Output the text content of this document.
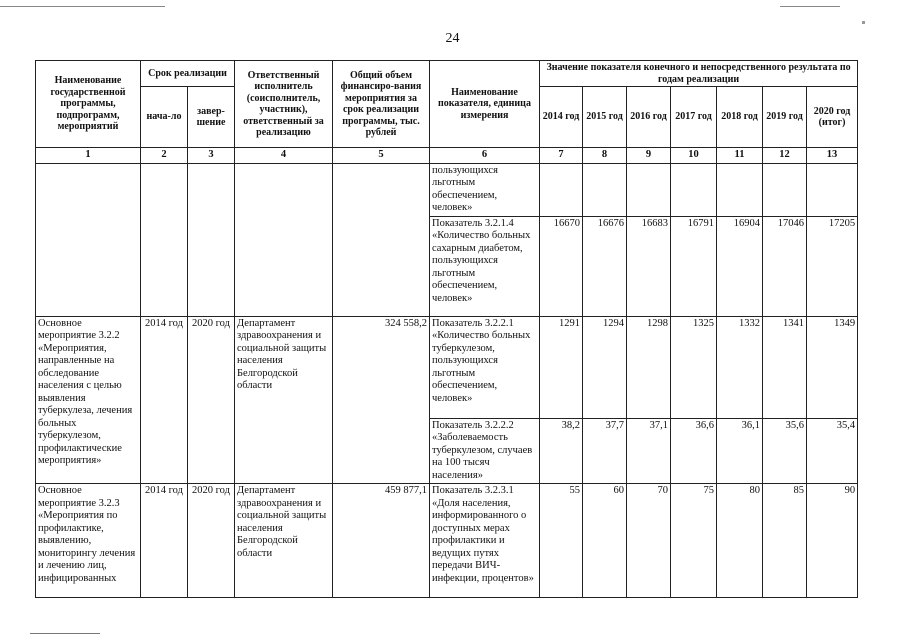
24
Наименование государственной программы, подпрограмм, мероприятий	Срок реализации		Ответственный исполнитель (соисполнитель, участник), ответственный за реализацию	Общий объем финансиро-вания мероприятия за срок реализации программы, тыс. рублей	Наименование показателя, единица измерения	Значение показателя конечного и непосредственного результата по годам реализации						
	нача-ло	завер-шение				2014 год	2015 год	2016 год	2017 год	2018 год	2019 год	2020 год (итог)
1	2	3	4	5	6	7	8	9	10	11	12	13
					пользующихся льготным обеспечением, человек»							
					Показатель 3.2.1.4 «Количество больных сахарным диабетом, пользующихся льготным обеспечением, человек»	16670	16676	16683	16791	16904	17046	17205
Основное мероприятие 3.2.2 «Мероприятия, направленные на обследование населения с целью выявления туберкулеза, лечения больных туберкулезом, профилактические мероприятия»	2014 год	2020 год	Департамент здравоохранения и социальной защиты населения Белгородской области	324 558,2	Показатель 3.2.2.1 «Количество больных туберкулезом, пользующихся льготным обеспечением, человек»	1291	1294	1298	1325	1332	1341	1349
					Показатель 3.2.2.2 «Заболеваемость туберкулезом, случаев на 100 тысяч населения»	38,2	37,7	37,1	36,6	36,1	35,6	35,4
Основное мероприятие 3.2.3 «Мероприятия по профилактике, выявлению, мониторингу лечения и лечению лиц, инфицированных	2014 год	2020 год	Департамент здравоохранения и социальной защиты населения Белгородской области	459 877,1	Показатель 3.2.3.1 «Доля населения, информированного о доступных мерах профилактики и ведущих путях передачи ВИЧ-инфекции, процентов»	55	60	70	75	80	85	90
